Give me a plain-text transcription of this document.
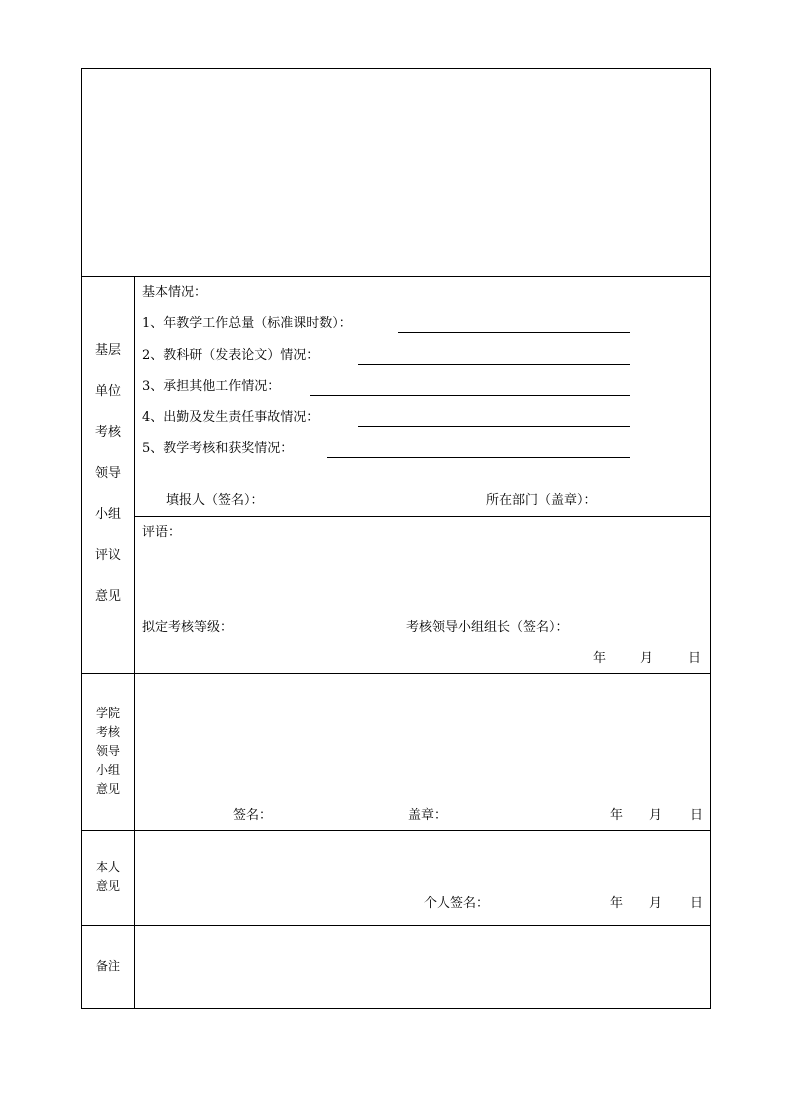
基层
单位
考核
领导
小组
评议
意见
基本情况：
1、年教学工作总量（标准课时数）：
2、教科研（发表论文）情况：
3、承担其他工作情况：
4、出勤及发生责任事故情况：
5、教学考核和获奖情况：
填报人（签名）：	所在部门（盖章）：
评语：
拟定考核等级：	考核领导小组组长（签名）：
年	月	日
学院
考核
领导
小组
意见
签名：	盖章：	年 月 日
本人
意见
个人签名：	年 月 日
备注
